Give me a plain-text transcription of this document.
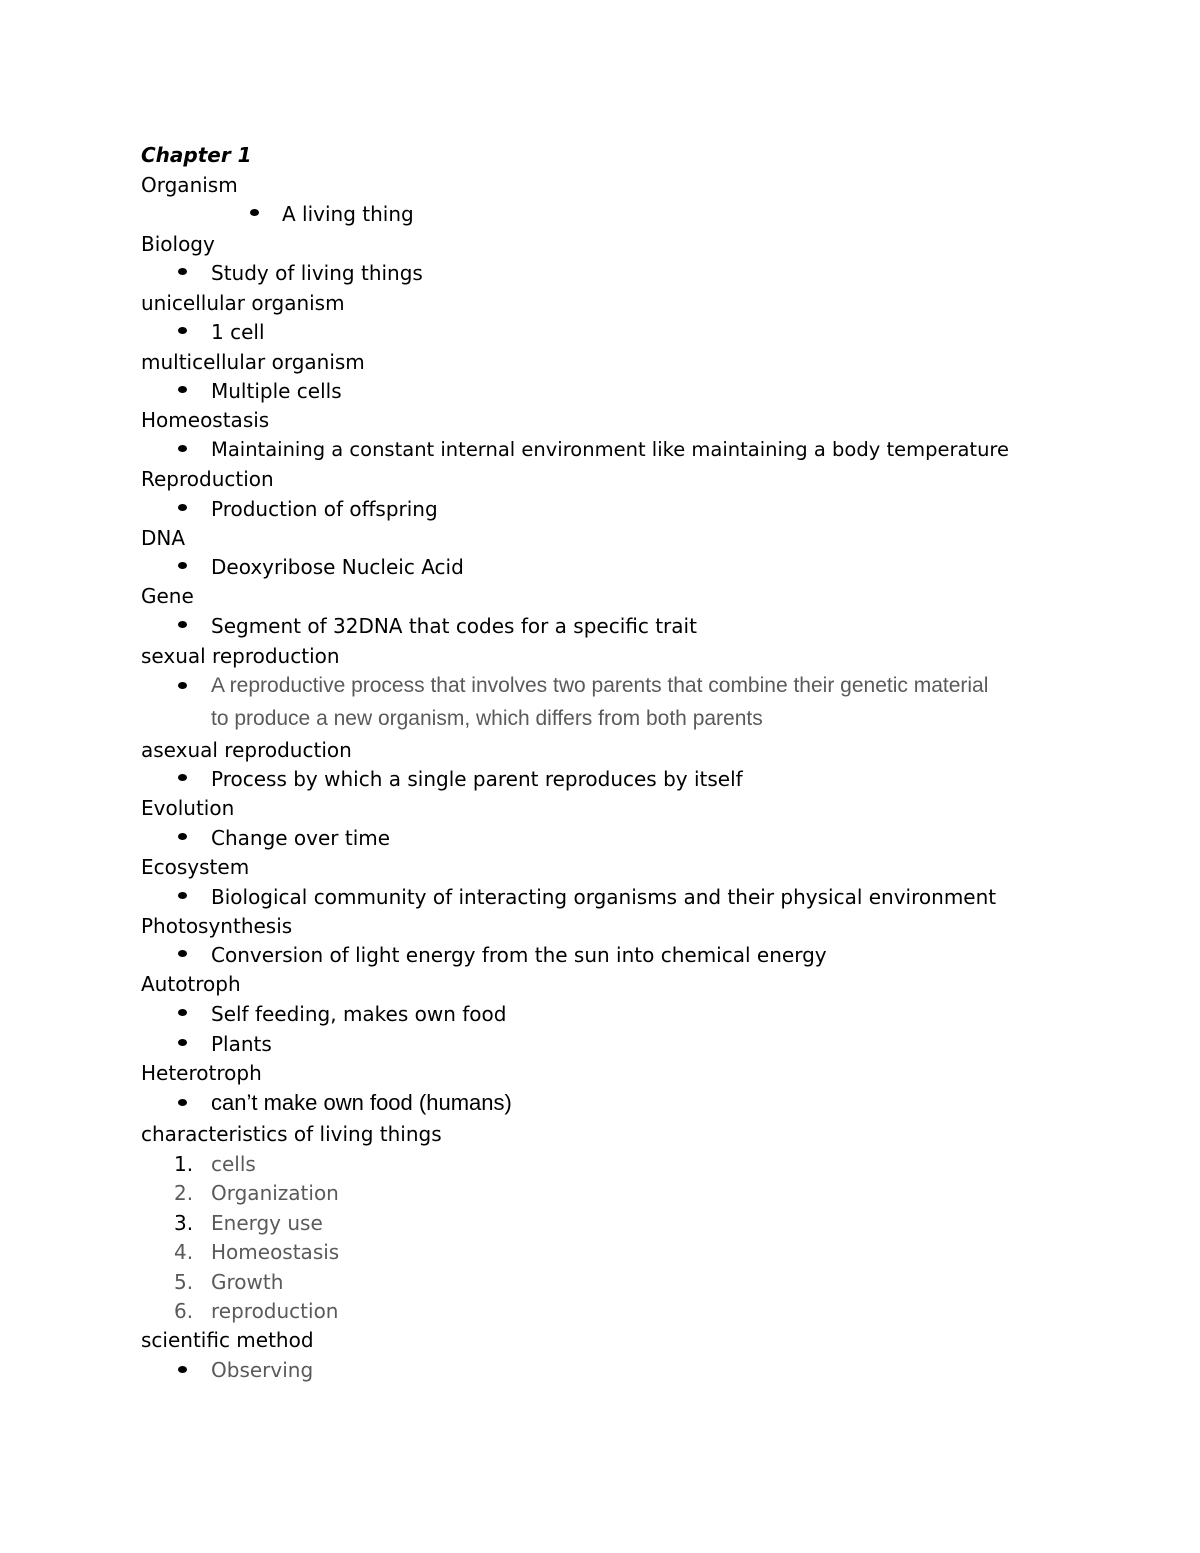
Chapter 1
Organism
A living thing
Biology
Study of living things
unicellular organism
1 cell
multicellular organism
Multiple cells
Homeostasis
Maintaining a constant internal environment like maintaining a body temperature
Reproduction
Production of offspring
DNA
Deoxyribose Nucleic Acid
Gene
Segment of 32DNA that codes for a specific trait
sexual reproduction
A reproductive process that involves two parents that combine their genetic material to produce a new organism, which differs from both parents
asexual reproduction
Process by which a single parent reproduces by itself
Evolution
Change over time
Ecosystem
Biological community of interacting organisms and their physical environment
Photosynthesis
Conversion of light energy from the sun into chemical energy
Autotroph
Self feeding, makes own food
Plants
Heterotroph
can’t make own food (humans)
characteristics of living things
1. cells
2. Organization
3. Energy use
4. Homeostasis
5. Growth
6. reproduction
scientific method
Observing
